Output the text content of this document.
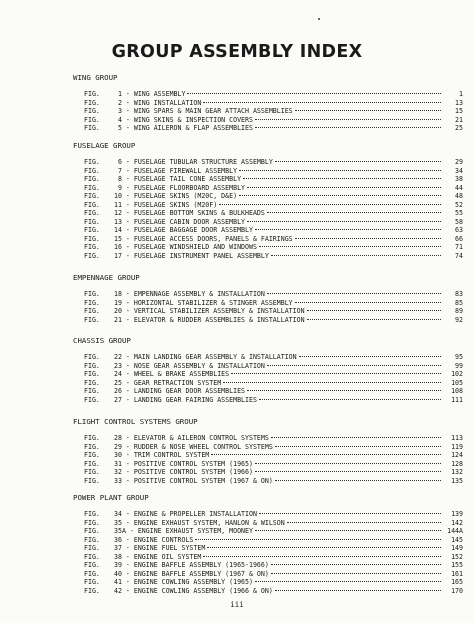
GROUP ASSEMBLY INDEX
WING GROUP
FIG.	1 - WING ASSEMBLY	1
FIG.	2 - WING INSTALLATION	13
FIG.	3 - WING SPARS & MAIN GEAR ATTACH ASSEMBLIES	15
FIG.	4 - WING SKINS & INSPECTION COVERS	21
FIG.	5 - WING AILERON & FLAP ASSEMBLIES	25
FUSELAGE GROUP
FIG.	6 - FUSELAGE TUBULAR STRUCTURE ASSEMBLY	29
FIG.	7 - FUSELAGE FIREWALL ASSEMBLY	34
FIG.	8 - FUSELAGE TAIL CONE ASSEMBLY	38
FIG.	9 - FUSELAGE FLOORBOARD ASSEMBLY	44
FIG.	10 - FUSELAGE SKINS (M20C, D&E)	48
FIG.	11 - FUSELAGE SKINS (M20F)	52
FIG.	12 - FUSELAGE BOTTOM SKINS & BULKHEADS	55
FIG.	13 - FUSELAGE CABIN DOOR ASSEMBLY	58
FIG.	14 - FUSELAGE BAGGAGE DOOR ASSEMBLY	63
FIG.	15 - FUSELAGE ACCESS DOORS, PANELS & FAIRINGS	66
FIG.	16 - FUSELAGE WINDSHIELD AND WINDOWS	71
FIG.	17 - FUSELAGE INSTRUMENT PANEL ASSEMBLY	74
EMPENNAGE GROUP
FIG.	18 - EMPENNAGE ASSEMBLY & INSTALLATION	83
FIG.	19 - HORIZONTAL STABILIZER & STINGER ASSEMBLY	85
FIG.	20 - VERTICAL STABILIZER ASSEMBLY & INSTALLATION	89
FIG.	21 - ELEVATOR & RUDDER ASSEMBLIES & INSTALLATION	92
CHASSIS GROUP
FIG.	22 - MAIN LANDING GEAR ASSEMBLY & INSTALLATION	95
FIG.	23 - NOSE GEAR ASSEMBLY & INSTALLATION	99
FIG.	24 - WHEEL & BRAKE ASSEMBLIES	102
FIG.	25 - GEAR RETRACTION SYSTEM	105
FIG.	26 - LANDING GEAR DOOR ASSEMBLIES	108
FIG.	27 - LANDING GEAR FAIRING ASSEMBLIES	111
FLIGHT CONTROL SYSTEMS GROUP
FIG.	28 - ELEVATOR & AILERON CONTROL SYSTEMS	113
FIG.	29 - RUDDER & NOSE WHEEL CONTROL SYSTEMS	119
FIG.	30 - TRIM CONTROL SYSTEM	124
FIG.	31 - POSITIVE CONTROL SYSTEM (1965)	128
FIG.	32 - POSITIVE CONTROL SYSTEM (1966)	132
FIG.	33 - POSITIVE CONTROL SYSTEM (1967 & ON)	135
POWER PLANT GROUP
FIG.	34 - ENGINE & PROPELLER INSTALLATION	139
FIG.	35 - ENGINE EXHAUST SYSTEM, HANLON & WILSON	142
FIG.	35A - ENGINE EXHAUST SYSTEM, MOONEY	144A
FIG.	36 - ENGINE CONTROLS	145
FIG.	37 - ENGINE FUEL SYSTEM	149
FIG.	38 - ENGINE OIL SYSTEM	152
FIG.	39 - ENGINE BAFFLE ASSEMBLY (1965-1966)	155
FIG.	40 - ENGINE BAFFLE ASSEMBLY (1967 & ON)	161
FIG.	41 - ENGINE COWLING ASSEMBLY (1965)	165
FIG.	42 - ENGINE COWLING ASSEMBLY (1966 & ON)	170
iii
